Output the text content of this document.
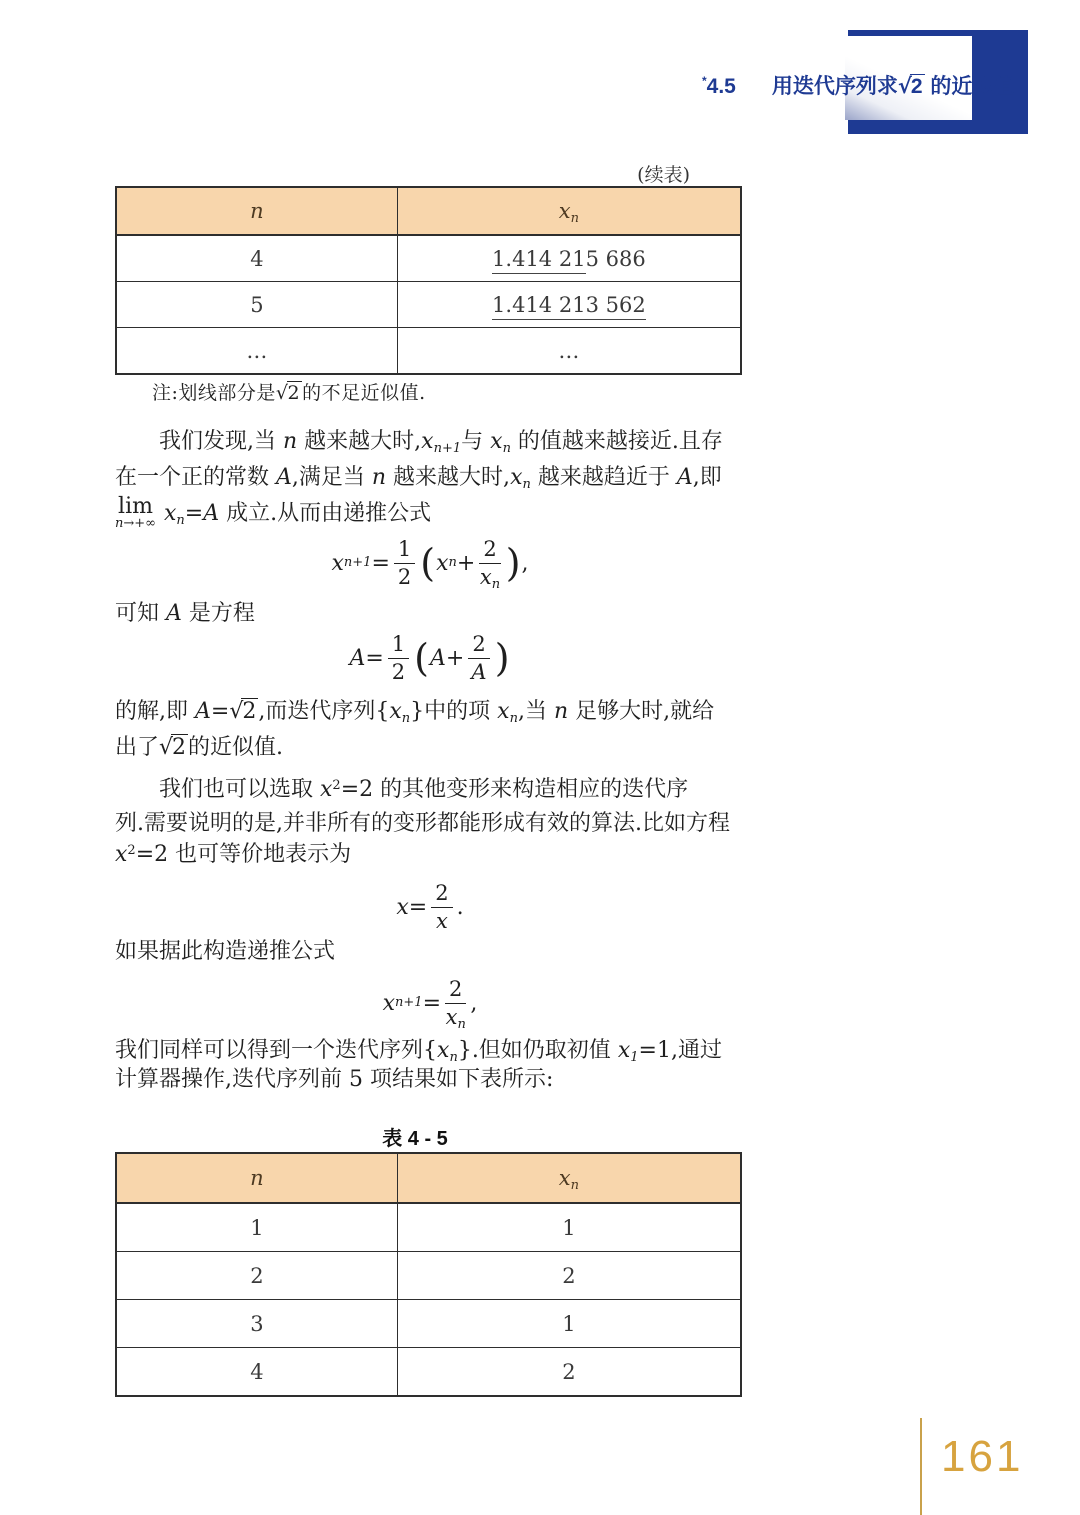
*4.5 用迭代序列求√2 的近似值
(续表)
n	$x_n$
4	1.414 215 686
5	1.414 213 562
…	…
注:划线部分是√2 的不足近似值.
我们发现,当 n 越来越大时$,x_{n+1}$与 $x_n$ 的值越来越接近.且存
在一个正的常数 A,满足当 n 越来越大时$,x_n$ 越来越趋近于 A,即
lim
n→+∞ $x_n=A$ 成立.从而由递推公式
x $n+1 = \frac{1}{2}$ ( x $n + \frac{2}{x_n}$ ) ,
可知 A 是方程
$A = \frac{1}{2}$ ( $A + \frac{2}{A}$ )
的解,即 A=√2,而迭代序列$\{x_n\}$中的项 $x_n$,当 n 足够大时,就给
出了√2的近似值.
我们也可以选取 $x^2=2$ 的其他变形来构造相应的迭代序
列.需要说明的是,并非所有的变形都能形成有效的算法.比如方程
$x^2=2$ 也可等价地表示为
$x = \frac{2}{x}$ .
如果据此构造递推公式
x $n+1 = \frac{2}{x_n}$ ,
我们同样可以得到一个迭代序列$\{x_n\}$.但如仍取初值 $x_1=1$,通过
计算器操作,迭代序列前 5 项结果如下表所示:
表 4 - 5
n	$x_n$
1	1
2	2
3	1
4	2
161
